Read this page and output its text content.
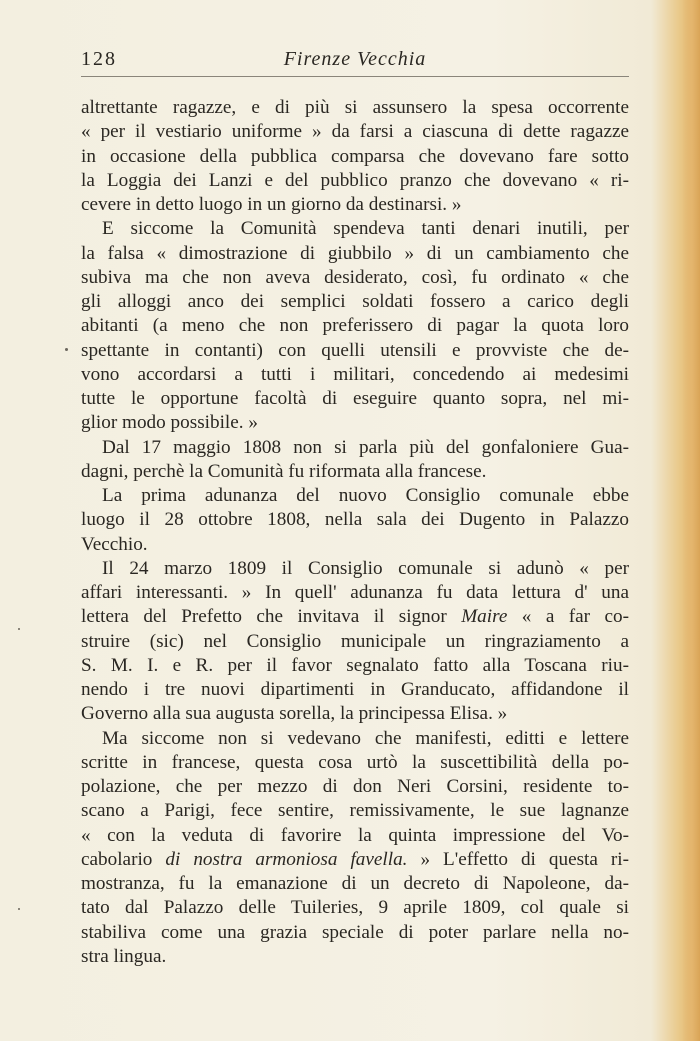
128	Firenze Vecchia
altrettante ragazze, e di più si assunsero la spesa occorrente
« per il vestiario uniforme » da farsi a ciascuna di dette ragazze
in occasione della pubblica comparsa che dovevano fare sotto
la Loggia dei Lanzi e del pubblico pranzo che dovevano « ri-
cevere in detto luogo in un giorno da destinarsi. »
E siccome la Comunità spendeva tanti denari inutili, per
la falsa « dimostrazione di giubbilo » di un cambiamento che
subiva ma che non aveva desiderato, così, fu ordinato « che
gli alloggi anco dei semplici soldati fossero a carico degli
abitanti (a meno che non preferissero di pagar la quota loro
spettante in contanti) con quelli utensili e provviste che de-
vono accordarsi a tutti i militari, concedendo ai medesimi
tutte le opportune facoltà di eseguire quanto sopra, nel mi-
glior modo possibile. »
Dal 17 maggio 1808 non si parla più del gonfaloniere Gua-
dagni, perchè la Comunità fu riformata alla francese.
La prima adunanza del nuovo Consiglio comunale ebbe
luogo il 28 ottobre 1808, nella sala dei Dugento in Palazzo
Vecchio.
Il 24 marzo 1809 il Consiglio comunale si adunò « per
affari interessanti. » In quell' adunanza fu data lettura d' una
lettera del Prefetto che invitava il signor Maire « a far co-
struire (sic) nel Consiglio municipale un ringraziamento a
S. M. I. e R. per il favor segnalato fatto alla Toscana riu-
nendo i tre nuovi dipartimenti in Granducato, affidandone il
Governo alla sua augusta sorella, la principessa Elisa. »
Ma siccome non si vedevano che manifesti, editti e lettere
scritte in francese, questa cosa urtò la suscettibilità della po-
polazione, che per mezzo di don Neri Corsini, residente to-
scano a Parigi, fece sentire, remissivamente, le sue lagnanze
« con la veduta di favorire la quinta impressione del Vo-
cabolario di nostra armoniosa favella. » L'effetto di questa ri-
mostranza, fu la emanazione di un decreto di Napoleone, da-
tato dal Palazzo delle Tuileries, 9 aprile 1809, col quale si
stabiliva come una grazia speciale di poter parlare nella no-
stra lingua.
